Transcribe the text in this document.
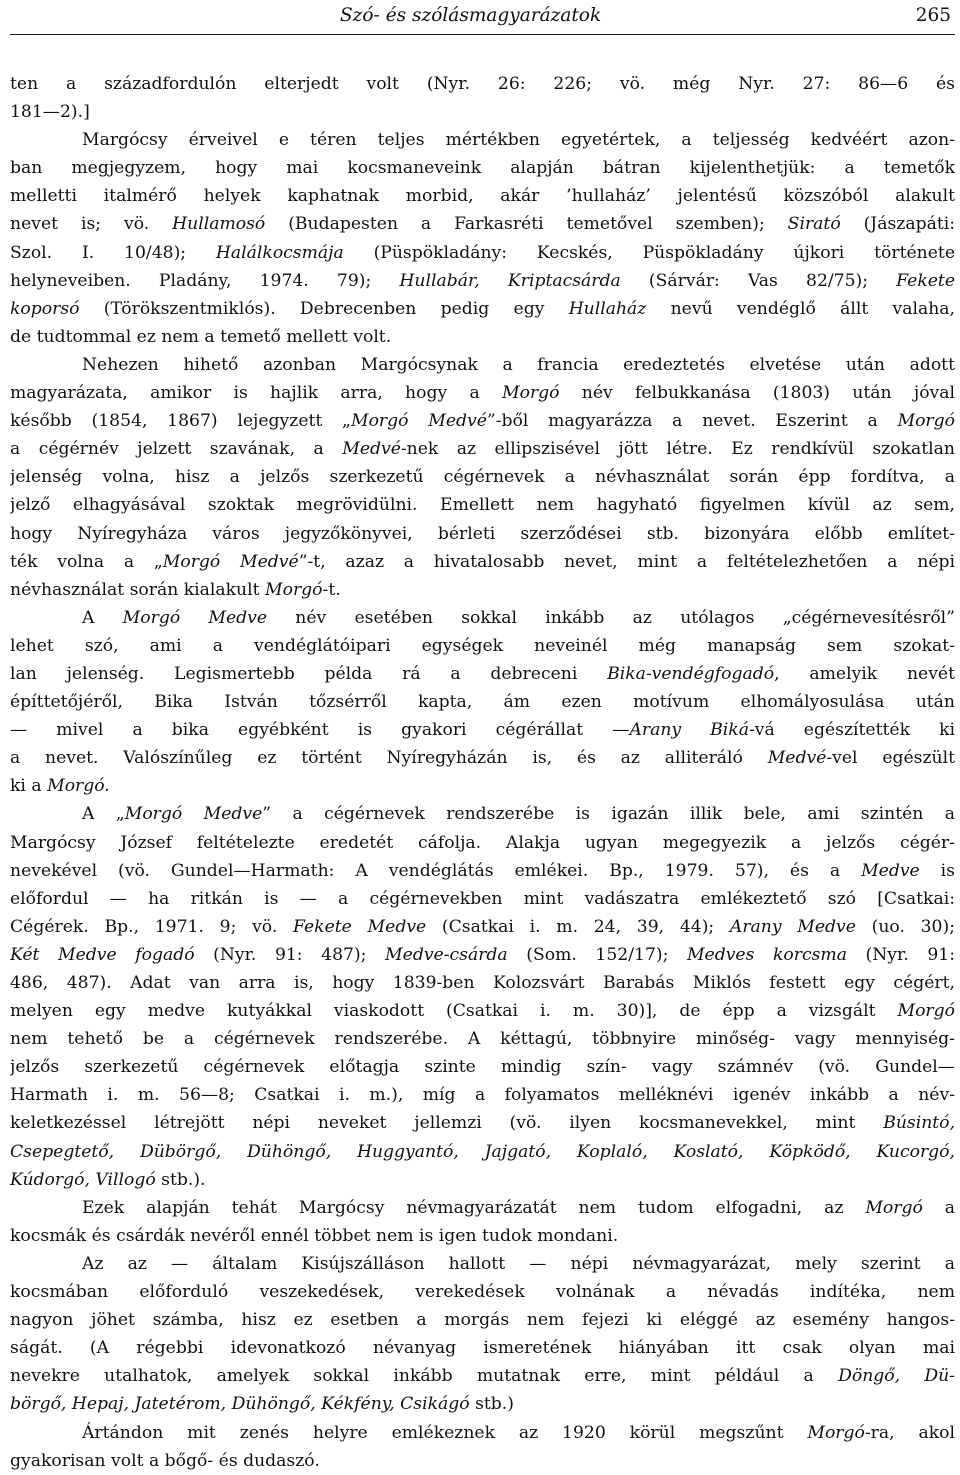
Szó- és szólásmagyarázatok	265
ten a századfordulón elterjedt volt (Nyr. 26: 226; vö. még Nyr. 27: 86—6 és
181—2).]
Margócsy érveivel e téren teljes mértékben egyetértek, a teljesség kedvéért azon-
ban megjegyzem, hogy mai kocsmaneveink alapján bátran kijelenthetjük: a temetők
melletti italmérő helyek kaphatnak morbid, akár ’hullaház’ jelentésű közszóból alakult
nevet is; vö. Hullamosó (Budapesten a Farkasréti temetővel szemben); Sirató (Jászapáti:
Szol. I. 10/48); Halálkocsmája (Püspökladány: Kecskés, Püspökladány újkori története
helyneveiben. Pladány, 1974. 79); Hullabár, Kriptacsárda (Sárvár: Vas 82/75); Fekete
koporsó (Törökszentmiklós). Debrecenben pedig egy Hullaház nevű vendéglő állt valaha,
de tudtommal ez nem a temető mellett volt.
Nehezen hihető azonban Margócsynak a francia eredeztetés elvetése után adott
magyarázata, amikor is hajlik arra, hogy a Morgó név felbukkanása (1803) után jóval
később (1854, 1867) lejegyzett „Morgó Medvé”-ből magyarázza a nevet. Eszerint a Morgó
a cégérnév jelzett szavának, a Medvé-nek az ellipszisével jött létre. Ez rendkívül szokatlan
jelenség volna, hisz a jelzős szerkezetű cégérnevek a névhasználat során épp fordítva, a
jelző elhagyásával szoktak megrövidülni. Emellett nem hagyható figyelmen kívül az sem,
hogy Nyíregyháza város jegyzőkönyvei, bérleti szerződései stb. bizonyára előbb említet-
ték volna a „Morgó Medvé”-t, azaz a hivatalosabb nevet, mint a feltételezhetően a népi
névhasználat során kialakult Morgó-t.
A Morgó Medve név esetében sokkal inkább az utólagos „cégérnevesítésről”
lehet szó, ami a vendéglátóipari egységek neveinél még manapság sem szokat-
lan jelenség. Legismertebb példa rá a debreceni Bika-vendégfogadó, amelyik nevét
építtetőjéről, Bika István tőzsérről kapta, ám ezen motívum elhomályosulása után
— mivel a bika egyébként is gyakori cégérállat —Arany Biká-vá egészítették ki
a nevet. Valószínűleg ez történt Nyíregyházán is, és az alliteráló Medvé-vel egészült
ki a Morgó.
A „Morgó Medve” a cégérnevek rendszerébe is igazán illik bele, ami szintén a
Margócsy József feltételezte eredetét cáfolja. Alakja ugyan megegyezik a jelzős cégér-
nevekével (vö. Gundel—Harmath: A vendéglátás emlékei. Bp., 1979. 57), és a Medve is
előfordul — ha ritkán is — a cégérnevekben mint vadászatra emlékeztető szó [Csatkai:
Cégérek. Bp., 1971. 9; vö. Fekete Medve (Csatkai i. m. 24, 39, 44); Arany Medve (uo. 30);
Két Medve fogadó (Nyr. 91: 487); Medve-csárda (Som. 152/17); Medves korcsma (Nyr. 91:
486, 487). Adat van arra is, hogy 1839-ben Kolozsvárt Barabás Miklós festett egy cégért,
melyen egy medve kutyákkal viaskodott (Csatkai i. m. 30)], de épp a vizsgált Morgó
nem tehető be a cégérnevek rendszerébe. A kéttagú, többnyire minőség- vagy mennyiség-
jelzős szerkezetű cégérnevek előtagja szinte mindig szín- vagy számnév (vö. Gundel—
Harmath i. m. 56—8; Csatkai i. m.), míg a folyamatos melléknévi igenév inkább a név-
keletkezéssel létrejött népi neveket jellemzi (vö. ilyen kocsmanevekkel, mint Búsintó,
Csepegtető, Dübörgő, Dühöngő, Huggyantó, Jajgató, Koplaló, Koslató, Köpködő, Kucorgó,
Kúdorgó, Villogó stb.).
Ezek alapján tehát Margócsy névmagyarázatát nem tudom elfogadni, az Morgó a
kocsmák és csárdák nevéről ennél többet nem is igen tudok mondani.
Az az — általam Kisújszálláson hallott — népi névmagyarázat, mely szerint a
kocsmában előforduló veszekedések, verekedések volnának a névadás indítéka, nem
nagyon jöhet számba, hisz ez esetben a morgás nem fejezi ki eléggé az esemény hangos-
ságát. (A régebbi idevonatkozó névanyag ismeretének hiányában itt csak olyan mai
nevekre utalhatok, amelyek sokkal inkább mutatnak erre, mint például a Döngő, Dü-
börgő, Hepaj, Jatetérom, Dühöngő, Kékfény, Csikágó stb.)
Ártándon mit zenés helyre emlékeznek az 1920 körül megszűnt Morgó-ra, akol
gyakorisan volt a bőgő- és dudaszó.
